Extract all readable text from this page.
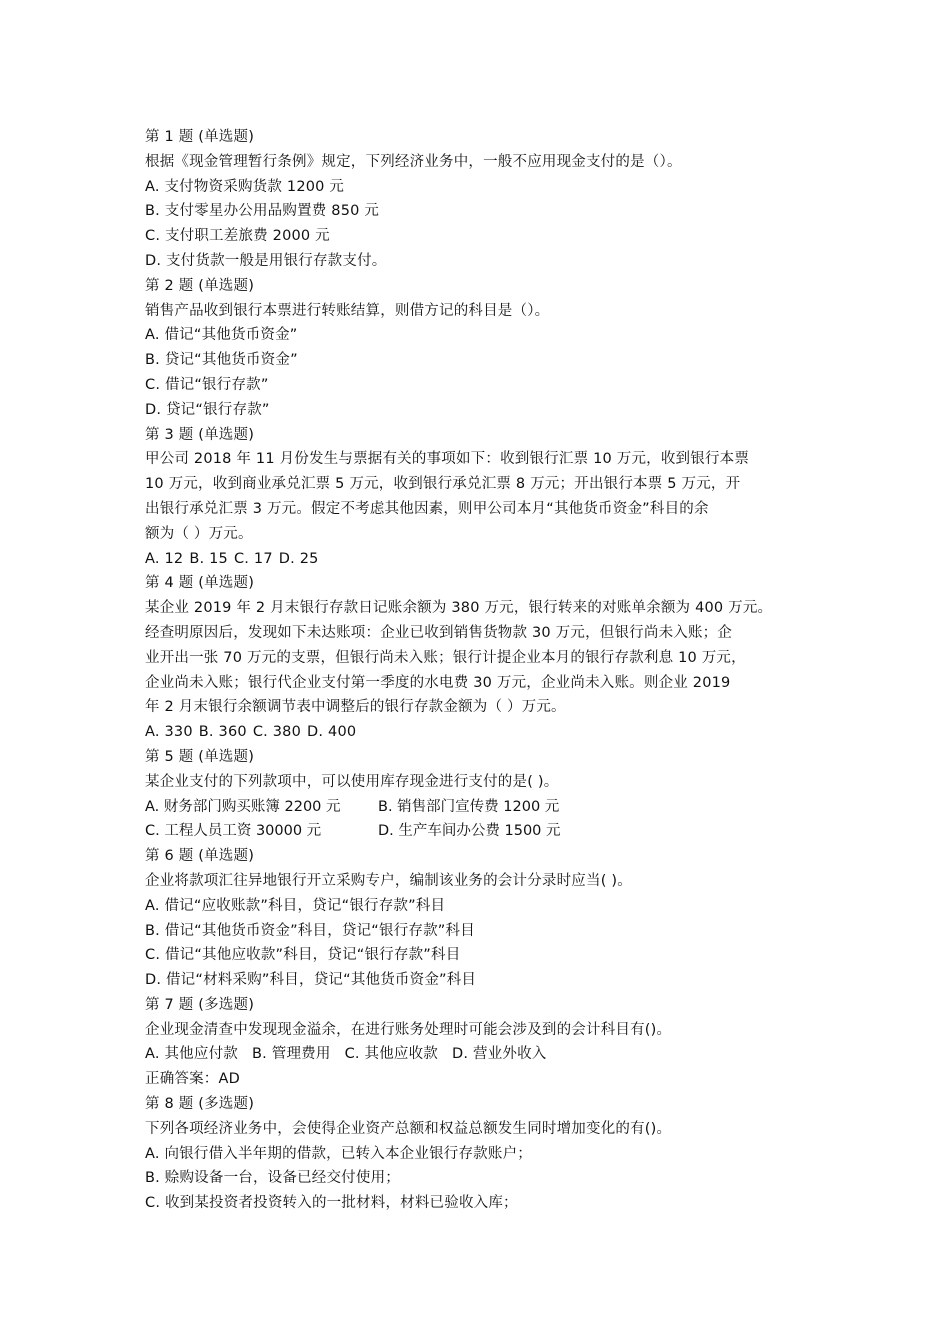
第 1 题 (单选题)
根据《现金管理暂行条例》规定，下列经济业务中，一般不应用现金支付的是（）。
A. 支付物资采购货款 1200 元
B. 支付零星办公用品购置费 850 元
C. 支付职工差旅费 2000 元
D. 支付货款一般是用银行存款支付。
第 2 题 (单选题)
销售产品收到银行本票进行转账结算，则借方记的科目是（）。
A. 借记“其他货币资金”
B. 贷记“其他货币资金”
C. 借记“银行存款”
D. 贷记“银行存款”
第 3 题 (单选题)
甲公司 2018 年 11 月份发生与票据有关的事项如下：收到银行汇票 10 万元，收到银行本票
10 万元，收到商业承兑汇票 5 万元，收到银行承兑汇票 8 万元；开出银行本票 5 万元，开
出银行承兑汇票 3 万元。假定不考虑其他因素，则甲公司本月“其他货币资金”科目的余
额为（ ）万元。
A. 12 B. 15 C. 17 D. 25
第 4 题 (单选题)
某企业 2019 年 2 月末银行存款日记账余额为 380 万元，银行转来的对账单余额为 400 万元。
经查明原因后，发现如下未达账项：企业已收到销售货物款 30 万元，但银行尚未入账；企
业开出一张 70 万元的支票，但银行尚未入账；银行计提企业本月的银行存款利息 10 万元，
企业尚未入账；银行代企业支付第一季度的水电费 30 万元，企业尚未入账。则企业 2019
年 2 月末银行余额调节表中调整后的银行存款金额为（ ）万元。
A. 330 B. 360 C. 380 D. 400
第 5 题 (单选题)
某企业支付的下列款项中，可以使用库存现金进行支付的是( )。
A. 财务部门购买账簿 2200 元	B. 销售部门宣传费 1200 元
C. 工程人员工资 30000 元	D. 生产车间办公费 1500 元
第 6 题 (单选题)
企业将款项汇往异地银行开立采购专户，编制该业务的会计分录时应当( )。
A. 借记“应收账款”科目，贷记“银行存款”科目
B. 借记“其他货币资金”科目，贷记“银行存款”科目
C. 借记“其他应收款”科目，贷记“银行存款”科目
D. 借记“材料采购”科目，贷记“其他货币资金”科目
第 7 题 (多选题)
企业现金清查中发现现金溢余，在进行账务处理时可能会涉及到的会计科目有()。
A. 其他应付款 B. 管理费用 C. 其他应收款 D. 营业外收入
正确答案：AD
第 8 题 (多选题)
下列各项经济业务中，会使得企业资产总额和权益总额发生同时增加变化的有()。
A. 向银行借入半年期的借款，已转入本企业银行存款账户；
B. 赊购设备一台，设备已经交付使用；
C. 收到某投资者投资转入的一批材料，材料已验收入库；
